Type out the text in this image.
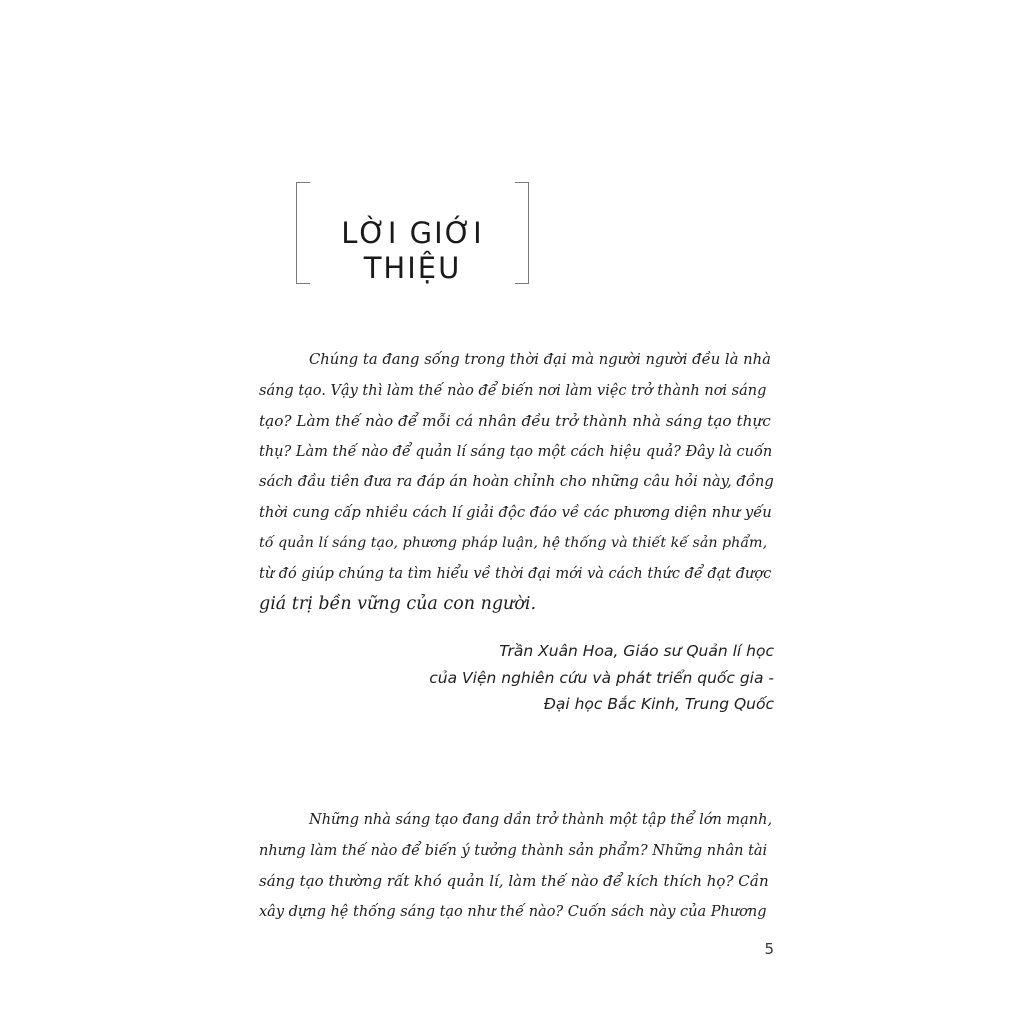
LỜI GIỚI THIỆU

Chúng ta đang sống trong thời đại mà người người đều là nhà
sáng tạo. Vậy thì làm thế nào để biến nơi làm việc trở thành nơi sáng
tạo? Làm thế nào để mỗi cá nhân đều trở thành nhà sáng tạo thực
thụ? Làm thế nào để quản lí sáng tạo một cách hiệu quả? Đây là cuốn
sách đầu tiên đưa ra đáp án hoàn chỉnh cho những câu hỏi này, đồng
thời cung cấp nhiều cách lí giải độc đáo về các phương diện như yếu
tố quản lí sáng tạo, phương pháp luận, hệ thống và thiết kế sản phẩm,
từ đó giúp chúng ta tìm hiểu về thời đại mới và cách thức để đạt được
giá trị bền vững của con người.

Trần Xuân Hoa, Giáo sư Quản lí học
của Viện nghiên cứu và phát triển quốc gia -
Đại học Bắc Kinh, Trung Quốc

Những nhà sáng tạo đang dần trở thành một tập thể lớn mạnh,
nhưng làm thế nào để biến ý tưởng thành sản phẩm? Những nhân tài
sáng tạo thường rất khó quản lí, làm thế nào để kích thích họ? Cần
xây dựng hệ thống sáng tạo như thế nào? Cuốn sách này của Phương

5
